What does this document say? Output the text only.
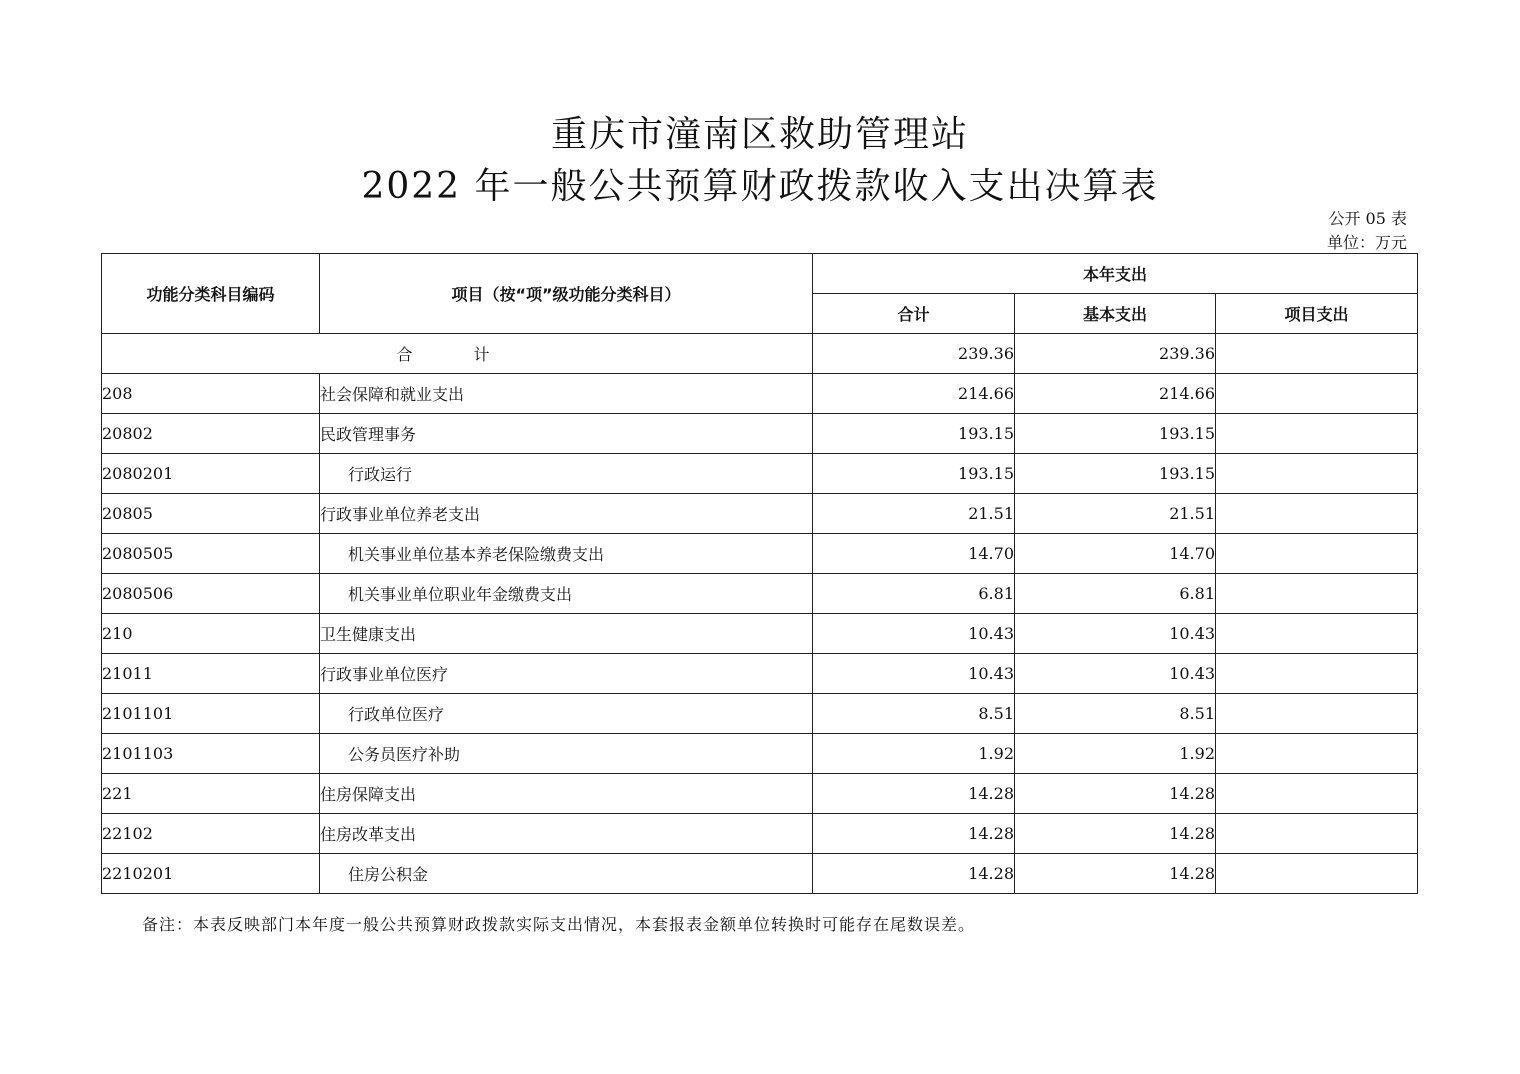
重庆市潼南区救助管理站
2022 年一般公共预算财政拨款收入支出决算表
公开 05 表
单位：万元
功能分类科目编码	项目（按“项”级功能分类科目）	本年支出		
		合计	基本支出	项目支出
合 计		239.36	239.36	
208	社会保障和就业支出	214.66	214.66	
20802	民政管理事务	193.15	193.15	
2080201	行政运行	193.15	193.15	
20805	行政事业单位养老支出	21.51	21.51	
2080505	机关事业单位基本养老保险缴费支出	14.70	14.70	
2080506	机关事业单位职业年金缴费支出	6.81	6.81	
210	卫生健康支出	10.43	10.43	
21011	行政事业单位医疗	10.43	10.43	
2101101	行政单位医疗	8.51	8.51	
2101103	公务员医疗补助	1.92	1.92	
221	住房保障支出	14.28	14.28	
22102	住房改革支出	14.28	14.28	
2210201	住房公积金	14.28	14.28	
备注：本表反映部门本年度一般公共预算财政拨款实际支出情况，本套报表金额单位转换时可能存在尾数误差。
